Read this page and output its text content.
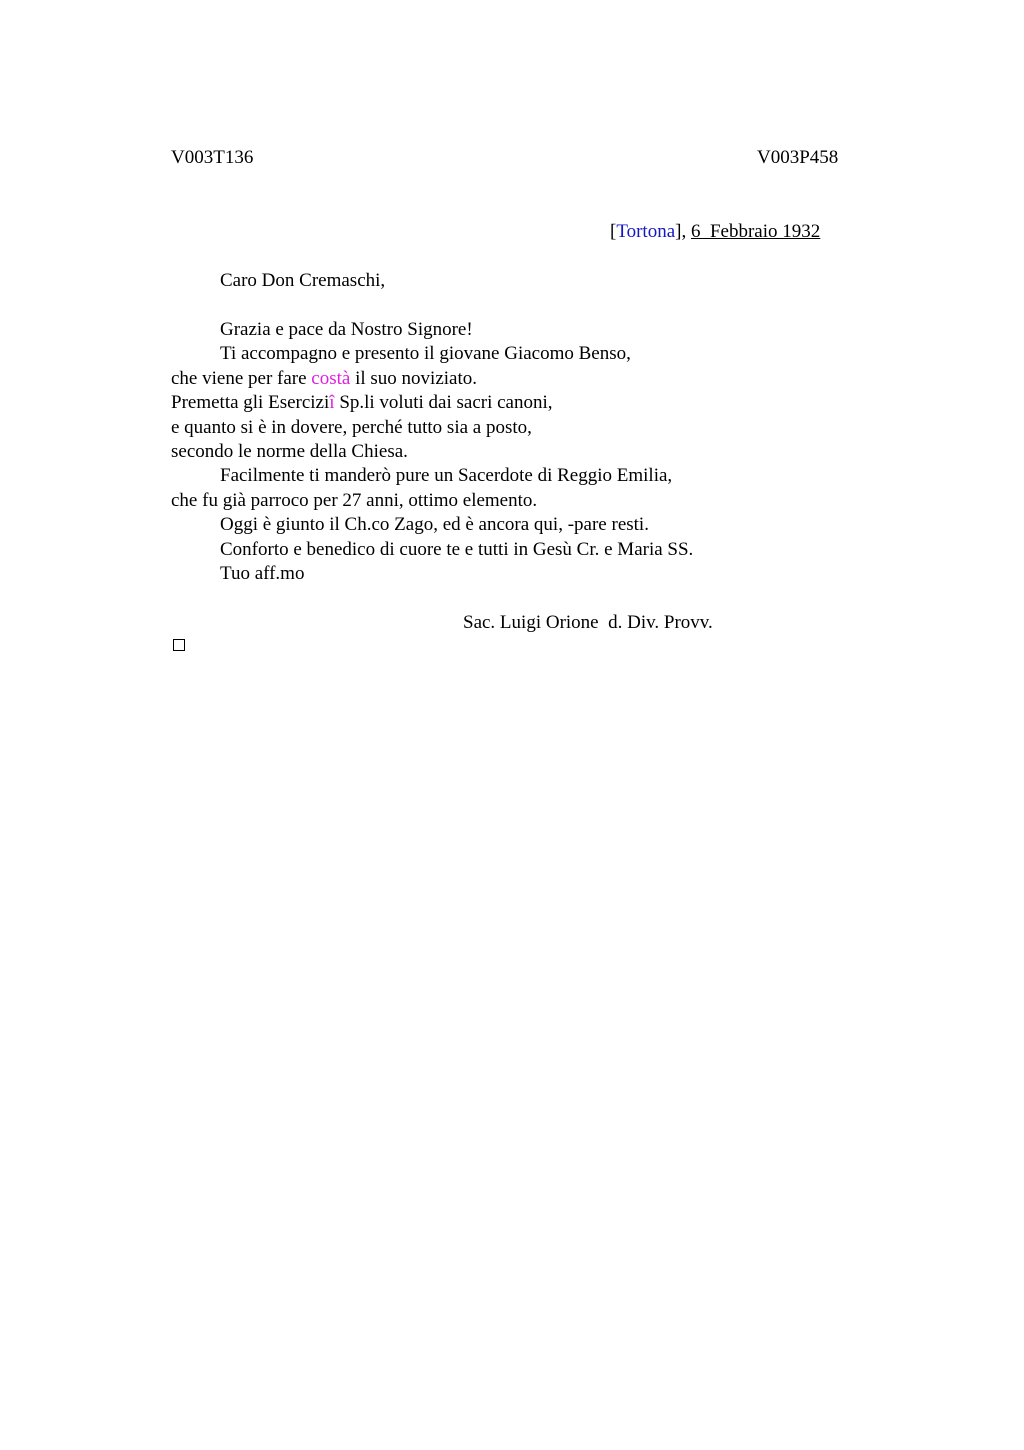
V003T136	V003P458
[Tortona], 6  Febbraio 1932
Caro Don Cremaschi,
Grazia e pace da Nostro Signore!
Ti accompagno e presento il giovane Giacomo Benso,
che viene per fare costà il suo noviziato.
Premetta gli Eserciziî Sp.li voluti dai sacri canoni,
e quanto si è in dovere, perché tutto sia a posto,
secondo le norme della Chiesa.
Facilmente ti manderò pure un Sacerdote di Reggio Emilia,
che fu già parroco per 27 anni, ottimo elemento.
Oggi è giunto il Ch.co Zago, ed è ancora qui, -pare resti.
Conforto e benedico di cuore te e tutti in Gesù Cr. e Maria SS.
Tuo aff.mo
Sac. Luigi Orione  d. Div. Provv.
